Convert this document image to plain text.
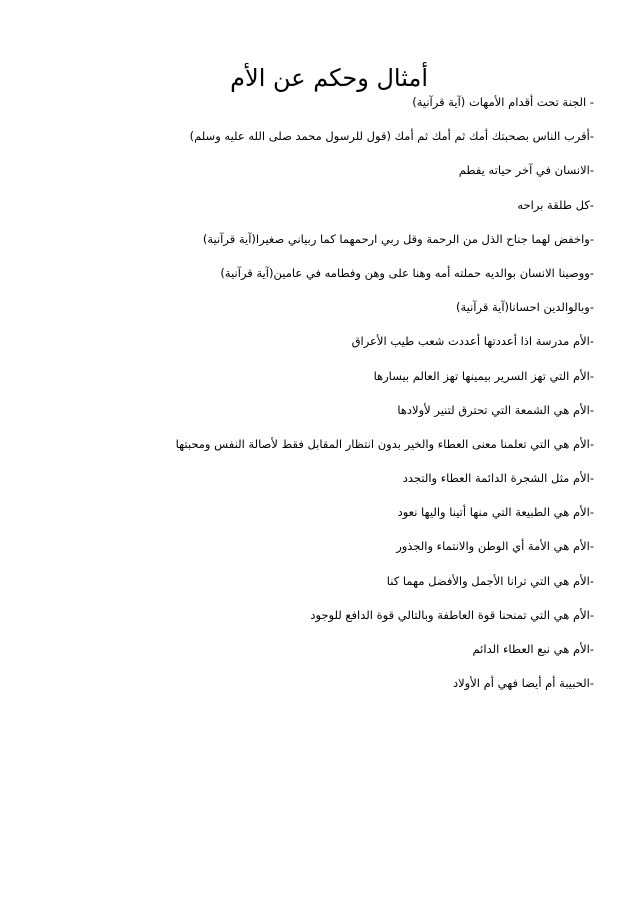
أمثال وحكم عن الأم
- الجنة تحت أقدام الأمهات (آية قرآنية)
-أقرب الناس بصحبتك أمك ثم أمك ثم أمك (قول للرسول محمد صلى الله عليه وسلم)
-الانسان في آخر حياته يفطم
-كل طلقة براحه
-واخفض لهما جناح الذل من الرحمة وقل ربي ارحمهما كما ربياني صغيرا(آية قرآنية)
-ووصينا الانسان بوالديه حملته أمه وهنا على وهن وفطامه في عامين(آية قرآنية)
-وبالوالدين احسانا(آية قرآنية)
-الأم مدرسة اذا أعددتها أعددت شعب طيب الأعراق
-الأم التي تهز السرير بيمينها تهز العالم بيسارها
-الأم هي الشمعة التي تحترق لتنير لأولادها
-الأم هي التي تعلمنا معنى العطاء والخير بدون انتظار المقابل فقط لأصالة النفس ومحبتها
-الأم مثل الشجرة الدائمة العطاء والتجدد
-الأم هي الطبيعة التي منها أتينا واليها نعود
-الأم هي الأمة أي الوطن والانتماء والجذور
-الأم هي التي ترانا الأجمل والأفضل مهما كنا
-الأم هي التي تمنحنا قوة العاطفة وبالتالي قوة الدافع للوجود
-الأم هي نبع العطاء الدائم
-الحبيبة أم أيضا فهي أم الأولاد
